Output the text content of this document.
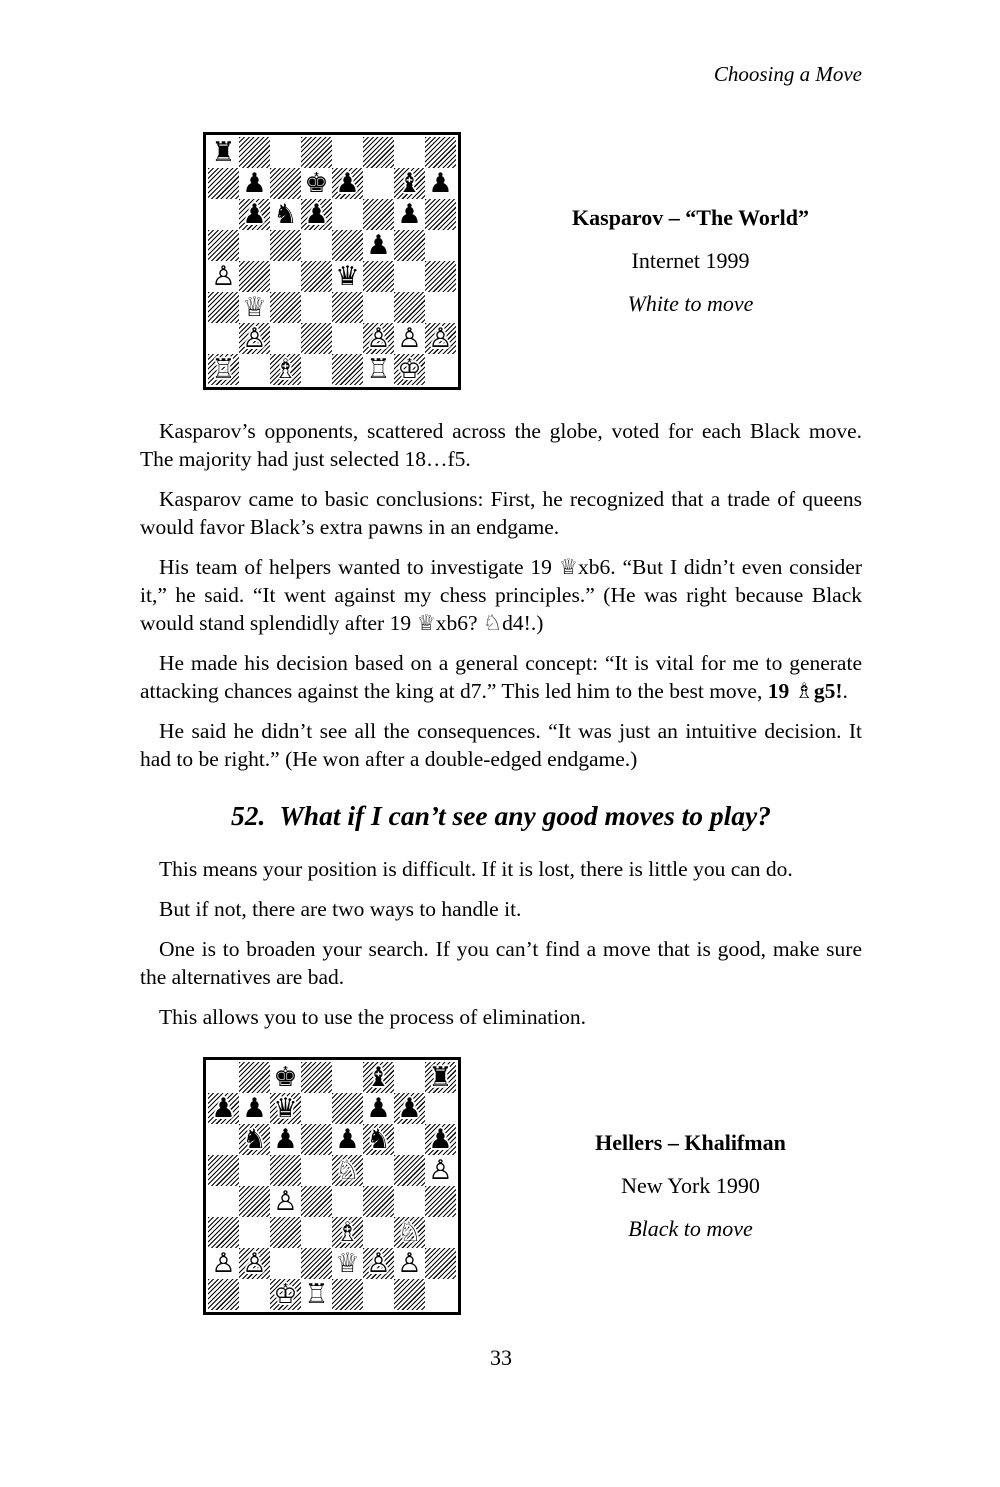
Choosing a Move
♜
♟ ♚ ♟ ♝ ♟
♟ ♞ ♟	♟
♟
♙	♛
♕
♙	♙ ♙ ♙
♖ ♗	♖ ♔
Kasparov – “The World”
Internet 1999
White to move

Kasparov’s opponents, scattered across the globe, voted for each Black move. The majority had just selected 18…f5.

Kasparov came to basic conclusions: First, he recognized that a trade of queens would favor Black’s extra pawns in an endgame.

His team of helpers wanted to investigate 19 ♕xb6. “But I didn’t even consider it,” he said. “It went against my chess principles.” (He was right because Black would stand splendidly after 19 ♕xb6? ♘d4!.)

He made his decision based on a general concept: “It is vital for me to generate attacking chances against the king at d7.” This led him to the best move, 19 ♗g5!.

He said he didn’t see all the consequences. “It was just an intuitive decision. It had to be right.” (He won after a double-edged endgame.)

52. What if I can’t see any good moves to play?

This means your position is difficult. If it is lost, there is little you can do.

But if not, there are two ways to handle it.

One is to broaden your search. If you can’t find a move that is good, make sure the alternatives are bad.

This allows you to use the process of elimination.

♚	♝ ♜
♟ ♟ ♛	♟ ♟
♞ ♟ ♟ ♞ ♟
♘	♙
♙
♗ ♘
♙ ♙	♕ ♙ ♙
♔ ♖
Hellers – Khalifman
New York 1990
Black to move
33
